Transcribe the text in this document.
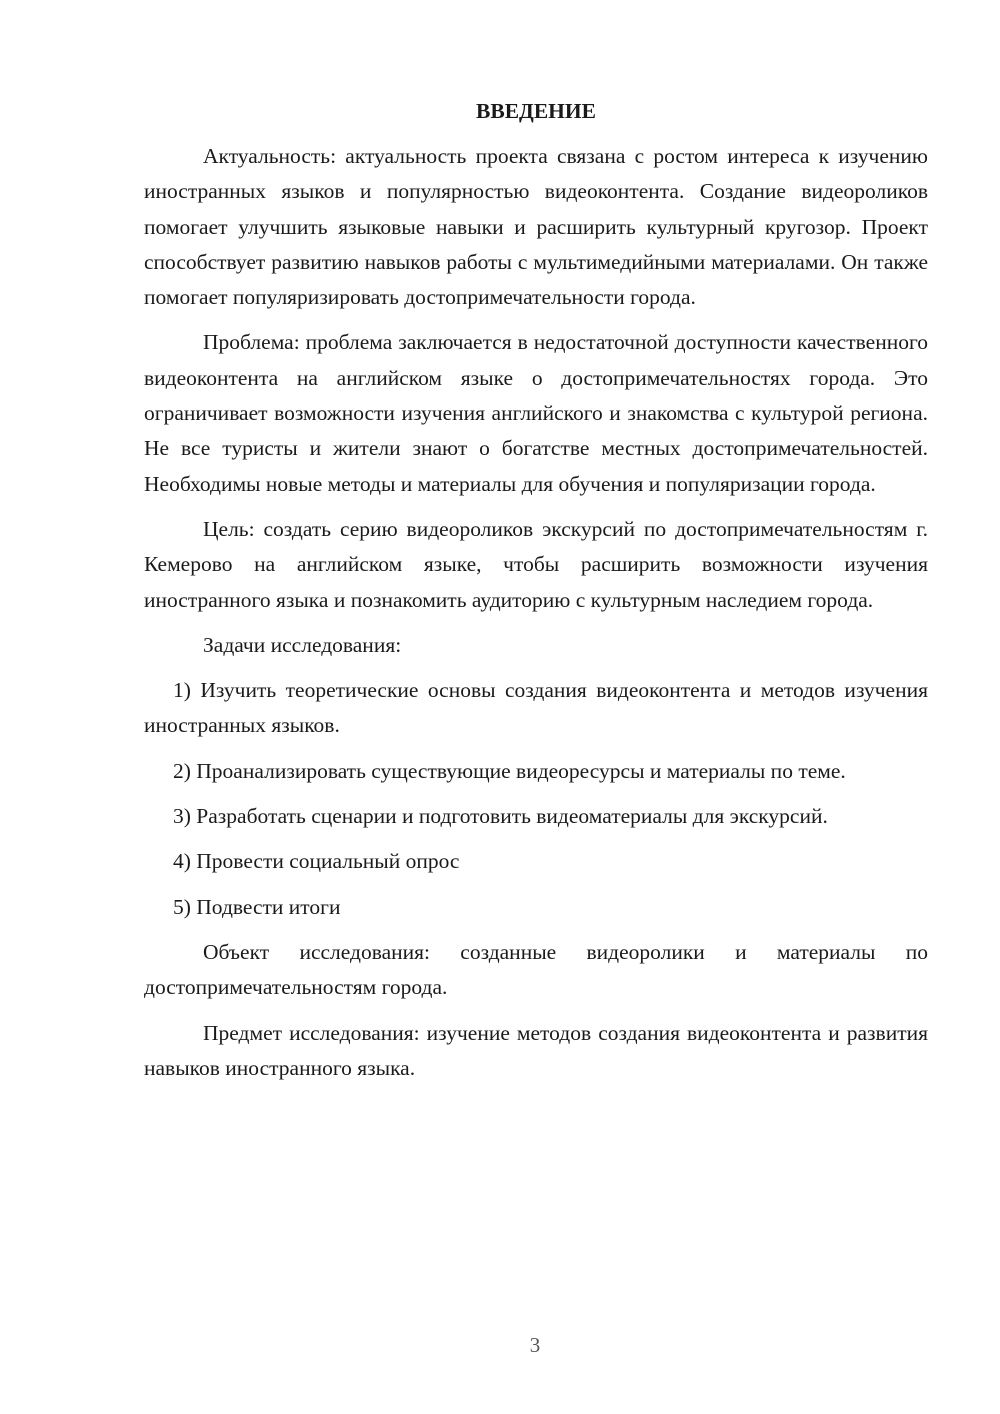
ВВЕДЕНИЕ

Актуальность: актуальность проекта связана с ростом интереса к изучению иностранных языков и популярностью видеоконтента. Создание видеороликов помогает улучшить языковые навыки и расширить культурный кругозор. Проект способствует развитию навыков работы с мультимедийными материалами. Он также помогает популяризировать достопримечательности города.

Проблема: проблема заключается в недостаточной доступности качественного видеоконтента на английском языке о достопримечательностях города. Это ограничивает возможности изучения английского и знакомства с культурой региона. Не все туристы и жители знают о богатстве местных достопримечательностей. Необходимы новые методы и материалы для обучения и популяризации города.

Цель: создать серию видеороликов экскурсий по достопримечательностям г. Кемерово на английском языке, чтобы расширить возможности изучения иностранного языка и познакомить аудиторию с культурным наследием города.

Задачи исследования:

1) Изучить теоретические основы создания видеоконтента и методов изучения иностранных языков.

2) Проанализировать существующие видеоресурсы и материалы по теме.

3) Разработать сценарии и подготовить видеоматериалы для экскурсий.

4) Провести социальный опрос

5) Подвести итоги

Объект исследования: созданные видеоролики и материалы по достопримечательностям города.

Предмет исследования: изучение методов создания видеоконтента и развития навыков иностранного языка.

3
